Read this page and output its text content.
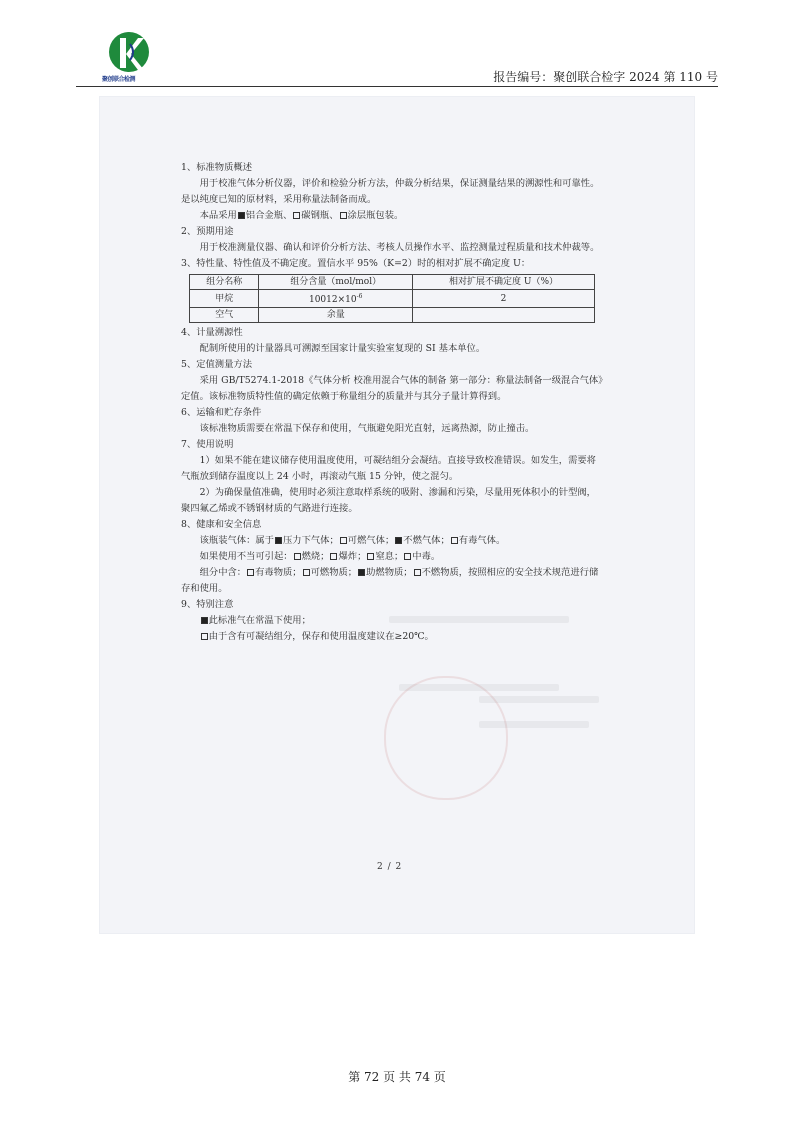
聚创联合检测	报告编号：聚创联合检字 2024 第 110 号

1、标准物质概述

用于校准气体分析仪器，评价和检验分析方法，仲裁分析结果，保证测量结果的溯源性和可靠性。是以纯度已知的原材料，采用称量法制备而成。

本品采用 铝合金瓶、 碳钢瓶、 涂层瓶包装。

2、预期用途

用于校准测量仪器、确认和评价分析方法、考核人员操作水平、监控测量过程质量和技术仲裁等。

3、特性量、特性值及不确定度。置信水平 95%（K=2）时的相对扩展不确定度 U：

组分名称	组分含量（mol/mol）	相对扩展不确定度 U（%）
甲烷	$10012\times 10^{-6}$	2
空气	余量	

4、计量溯源性

配制所使用的计量器具可溯源至国家计量实验室复现的 SI 基本单位。

5、定值测量方法

采用 GB/T5274.1-2018《气体分析 校准用混合气体的制备 第一部分：称量法制备一级混合气体》定值。该标准物质特性值的确定依赖于称量组分的质量并与其分子量计算得到。

6、运输和贮存条件

该标准物质需要在常温下保存和使用，气瓶避免阳光直射，远离热源，防止撞击。

7、使用说明

1）如果不能在建议储存使用温度使用，可凝结组分会凝结。直接导致校准错误。如发生，需要将气瓶放到储存温度以上 24 小时，再滚动气瓶 15 分钟，使之混匀。

2）为确保量值准确，使用时必须注意取样系统的吸附、渗漏和污染，尽量用死体积小的针型阀，聚四氟乙烯或不锈钢材质的气路进行连接。

8、健康和安全信息

该瓶装气体：属于 压力下气体； 可燃气体； 不燃气体； 有毒气体。

如果使用不当可引起： 燃烧； 爆炸； 窒息； 中毒。

组分中含： 有毒物质； 可燃物质； 助燃物质； 不燃物质，按照相应的安全技术规范进行储存和使用。

9、特别注意

此标准气在常温下使用；

由于含有可凝结组分，保存和使用温度建议在≥20℃。

2 / 2
第 72 页 共 74 页
